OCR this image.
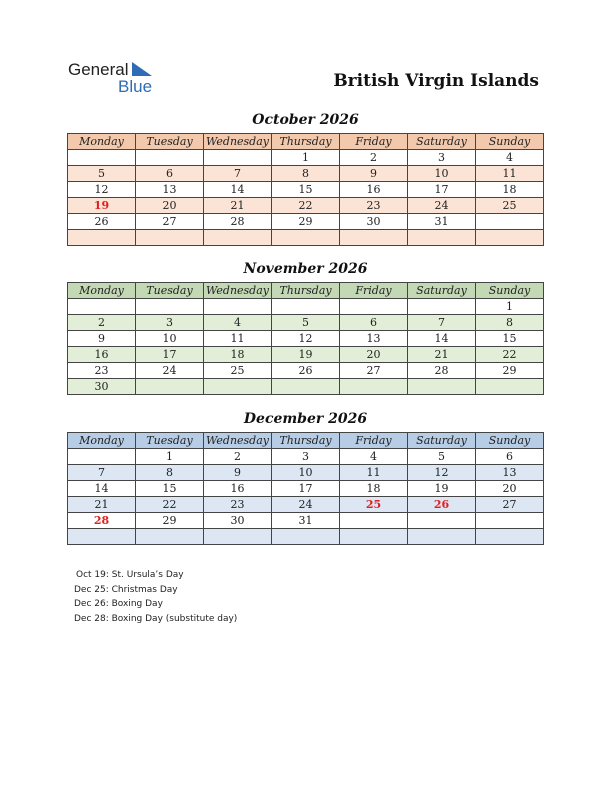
General
Blue	British Virgin Islands
October 2026
Monday	Tuesday	Wednesday	Thursday	Friday	Saturday	Sunday
			1	2	3	4
5	6	7	8	9	10	11
12	13	14	15	16	17	18
19	20	21	22	23	24	25
26	27	28	29	30	31	

November 2026
Monday	Tuesday	Wednesday	Thursday	Friday	Saturday	Sunday
						1
2	3	4	5	6	7	8
9	10	11	12	13	14	15
16	17	18	19	20	21	22
23	24	25	26	27	28	29
30						
December 2026
Monday	Tuesday	Wednesday	Thursday	Friday	Saturday	Sunday
	1	2	3	4	5	6
7	8	9	10	11	12	13
14	15	16	17	18	19	20
21	22	23	24	25	26	27
28	29	30	31			

Oct 19: St. Ursula’s Day
Dec 25: Christmas Day
Dec 26: Boxing Day
Dec 28: Boxing Day (substitute day)
